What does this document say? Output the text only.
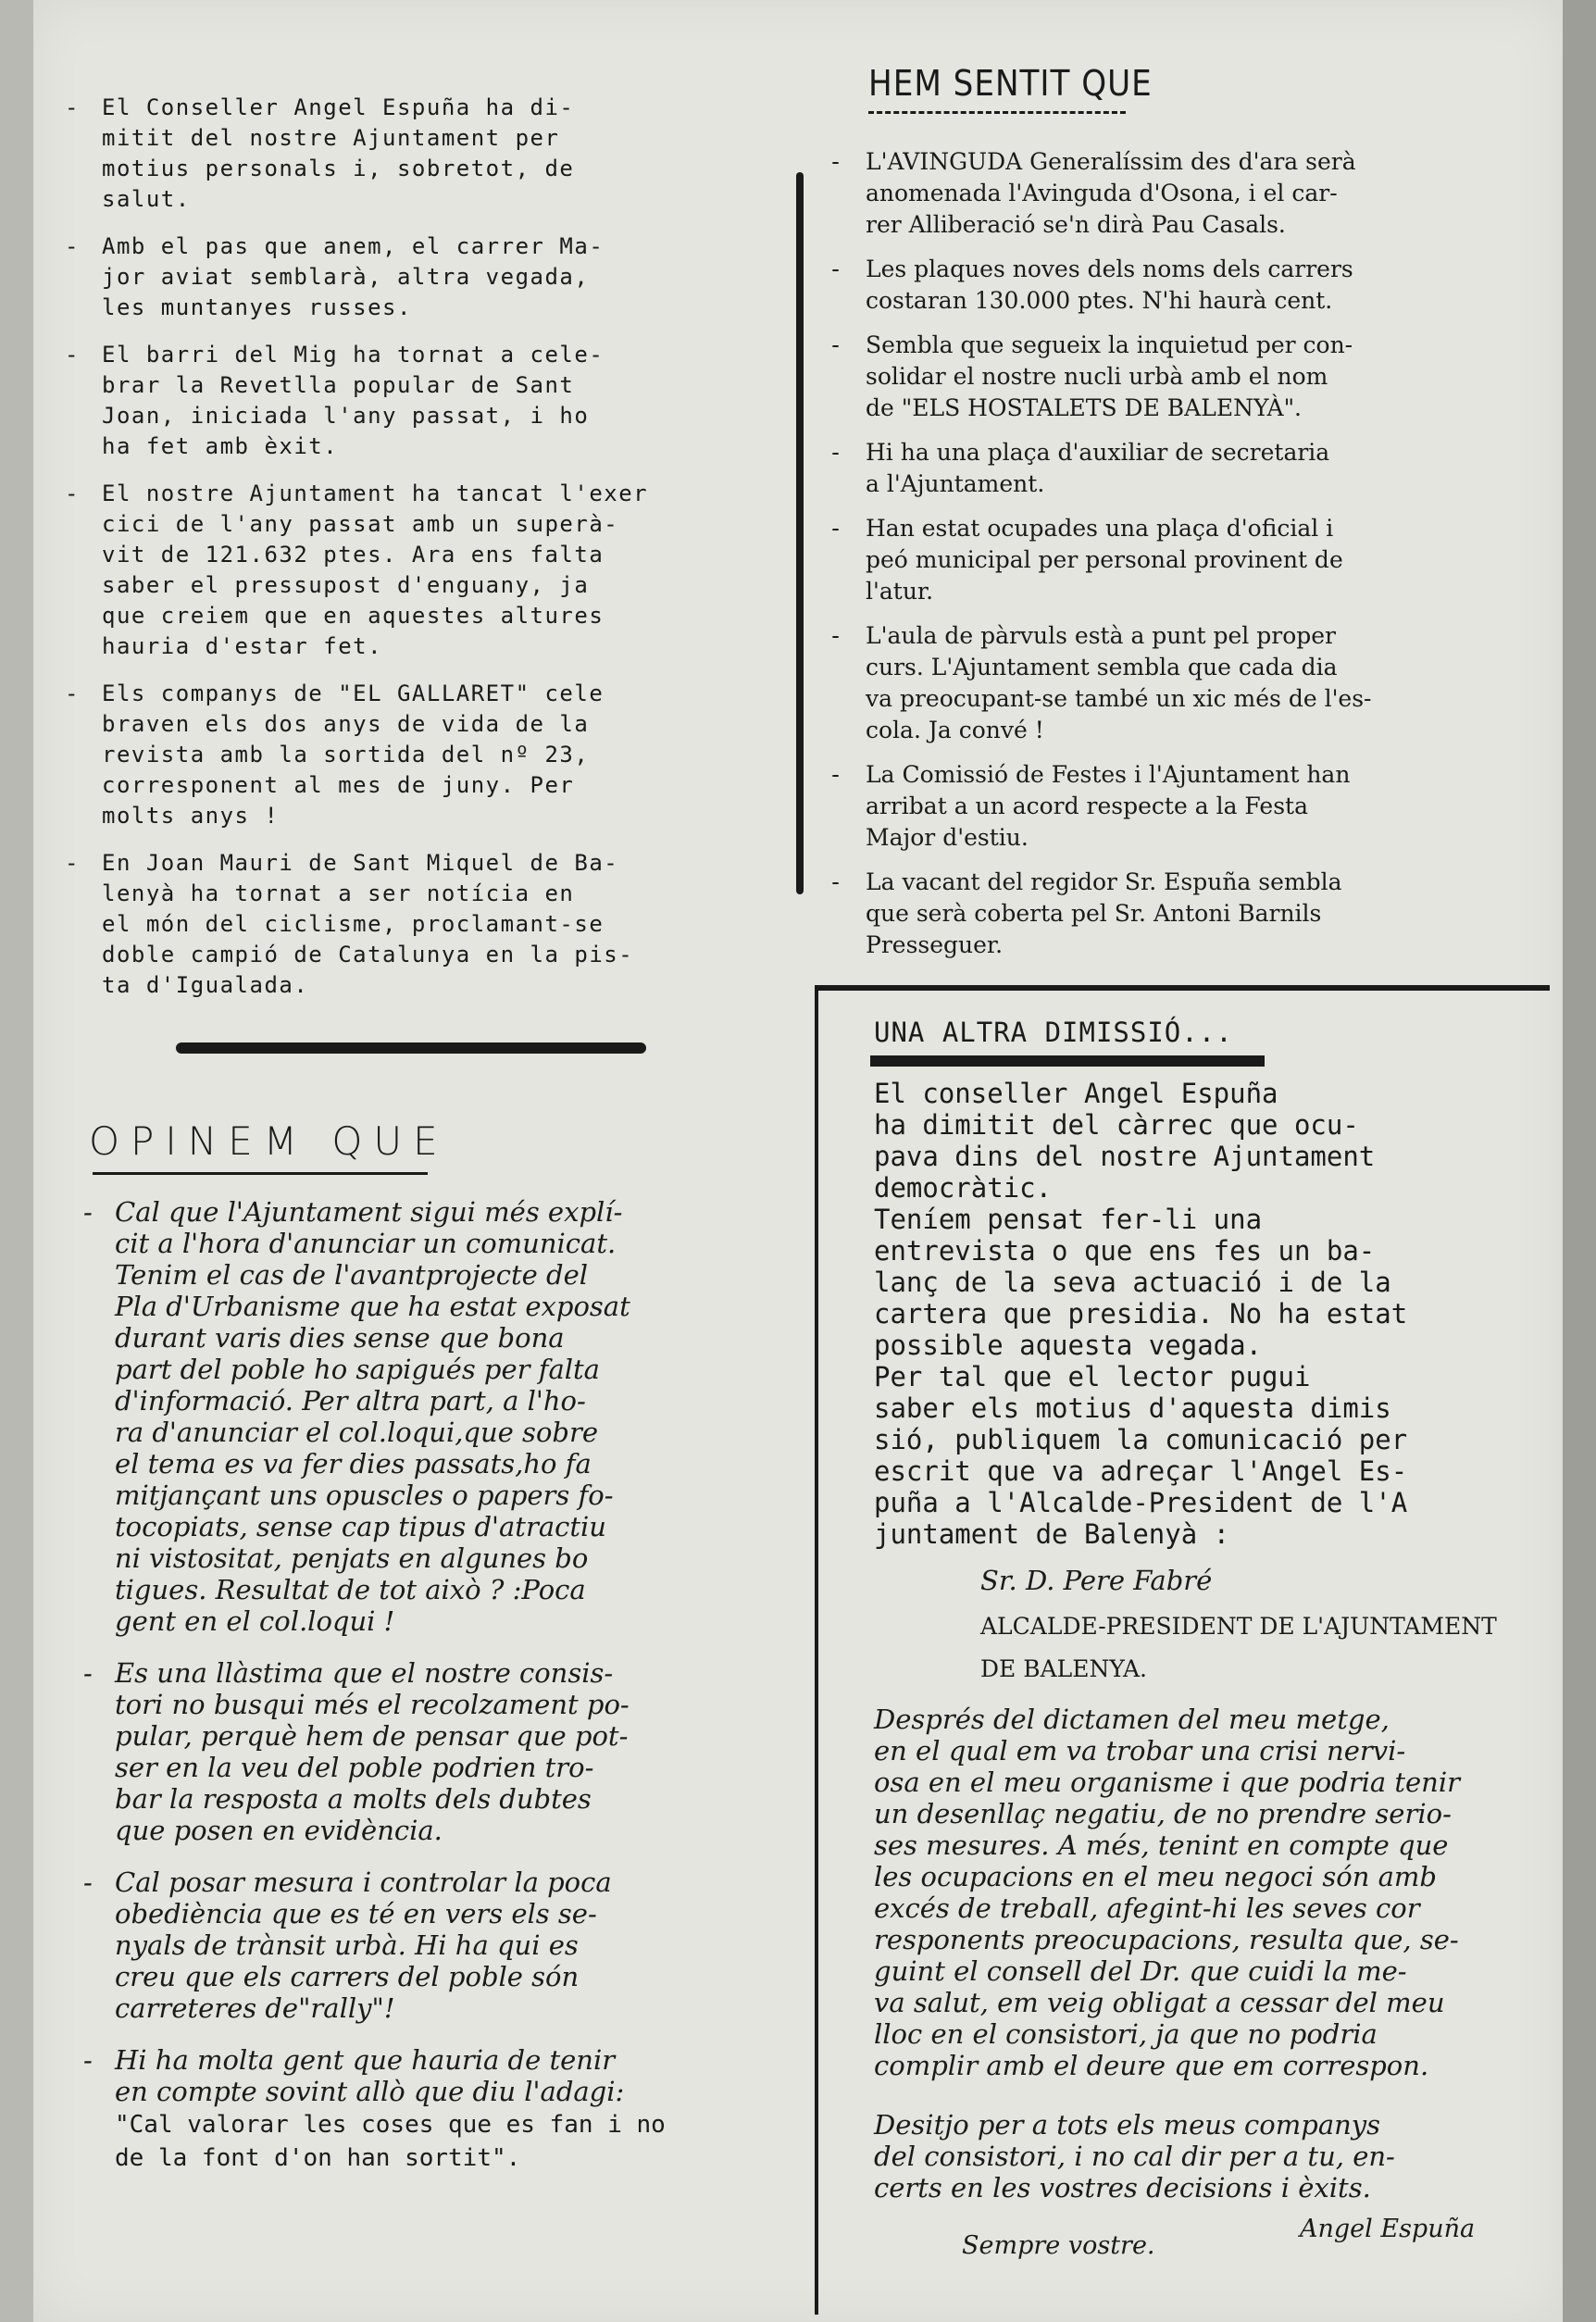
-	El Conseller Angel Espuña ha di-
mitit del nostre Ajuntament per
motius personals i, sobretot, de
salut.
-	Amb el pas que anem, el carrer Ma-
jor aviat semblarà, altra vegada,
les muntanyes russes.
-	El barri del Mig ha tornat a cele-
brar la Revetlla popular de Sant
Joan, iniciada l'any passat, i ho
ha fet amb èxit.
-	El nostre Ajuntament ha tancat l'exer
cici de l'any passat amb un superà-
vit de 121.632 ptes. Ara ens falta
saber el pressupost d'enguany, ja
que creiem que en aquestes altures
hauria d'estar fet.
-	Els companys de "EL GALLARET" cele
braven els dos anys de vida de la
revista amb la sortida del nº 23,
corresponent al mes de juny. Per
molts anys !
-	En Joan Mauri de Sant Miquel de Ba-
lenyà ha tornat a ser notícia en
el món del ciclisme, proclamant-se
doble campió de Catalunya en la pis-
ta d'Igualada.
OPINEM QUE
- Cal que l'Ajuntament sigui més explí-
cit a l'hora d'anunciar un comunicat.
Tenim el cas de l'avantprojecte del
Pla d'Urbanisme que ha estat exposat
durant varis dies sense que bona
part del poble ho sapigués per falta
d'informació. Per altra part, a l'ho-
ra d'anunciar el col.loqui,que sobre
el tema es va fer dies passats,ho fa
mitjançant uns opuscles o papers fo-
tocopiats, sense cap tipus d'atractiu
ni vistositat, penjats en algunes bo
tigues. Resultat de tot això ? :Poca
gent en el col.loqui !
- Es una llàstima que el nostre consis-
tori no busqui més el recolzament po-
pular, perquè hem de pensar que pot-
ser en la veu del poble podrien tro-
bar la resposta a molts dels dubtes
que posen en evidència.
- Cal posar mesura i controlar la poca
obediència que es té en vers els se-
nyals de trànsit urbà. Hi ha qui es
creu que els carrers del poble són
carreteres de"rally"!
- Hi ha molta gent que hauria de tenir
en compte sovint allò que diu l'adagi:
"Cal valorar les coses que es fan i no
de la font d'on han sortit".
HEM SENTIT QUE
- L'AVINGUDA Generalíssim des d'ara serà
anomenada l'Avinguda d'Osona, i el car-
rer Alliberació se'n dirà Pau Casals.
- Les plaques noves dels noms dels carrers
costaran 130.000 ptes. N'hi haurà cent.
- Sembla que segueix la inquietud per con-
solidar el nostre nucli urbà amb el nom
de "ELS HOSTALETS DE BALENYÀ".
- Hi ha una plaça d'auxiliar de secretaria
a l'Ajuntament.
- Han estat ocupades una plaça d'oficial i
peó municipal per personal provinent de
l'atur.
- L'aula de pàrvuls està a punt pel proper
curs. L'Ajuntament sembla que cada dia
va preocupant-se també un xic més de l'es-
cola. Ja convé !
- La Comissió de Festes i l'Ajuntament han
arribat a un acord respecte a la Festa
Major d'estiu.
- La vacant del regidor Sr. Espuña sembla
que serà coberta pel Sr. Antoni Barnils
Presseguer.
UNA ALTRA DIMISSIÓ...
El conseller Angel Espuña
ha dimitit del càrrec que ocu-
pava dins del nostre Ajuntament
democràtic.
Teníem pensat fer-li una
entrevista o que ens fes un ba-
lanç de la seva actuació i de la
cartera que presidia. No ha estat
possible aquesta vegada.
Per tal que el lector pugui
saber els motius d'aquesta dimis
sió, publiquem la comunicació per
escrit que va adreçar l'Angel Es-
puña a l'Alcalde-President de l'A
juntament de Balenyà :
Sr. D. Pere Fabré
ALCALDE-PRESIDENT DE L'AJUNTAMENT
DE BALENYA.
Després del dictamen del meu metge,
en el qual em va trobar una crisi nervi-
osa en el meu organisme i que podria tenir
un desenllaç negatiu, de no prendre serio-
ses mesures. A més, tenint en compte que
les ocupacions en el meu negoci són amb
excés de treball, afegint-hi les seves cor
responents preocupacions, resulta que, se-
guint el consell del Dr. que cuidi la me-
va salut, em veig obligat a cessar del meu
lloc en el consistori, ja que no podria
complir amb el deure que em correspon.
Desitjo per a tots els meus companys
del consistori, i no cal dir per a tu, en-
certs en les vostres decisions i èxits.
Sempre vostre.
Angel Espuña
